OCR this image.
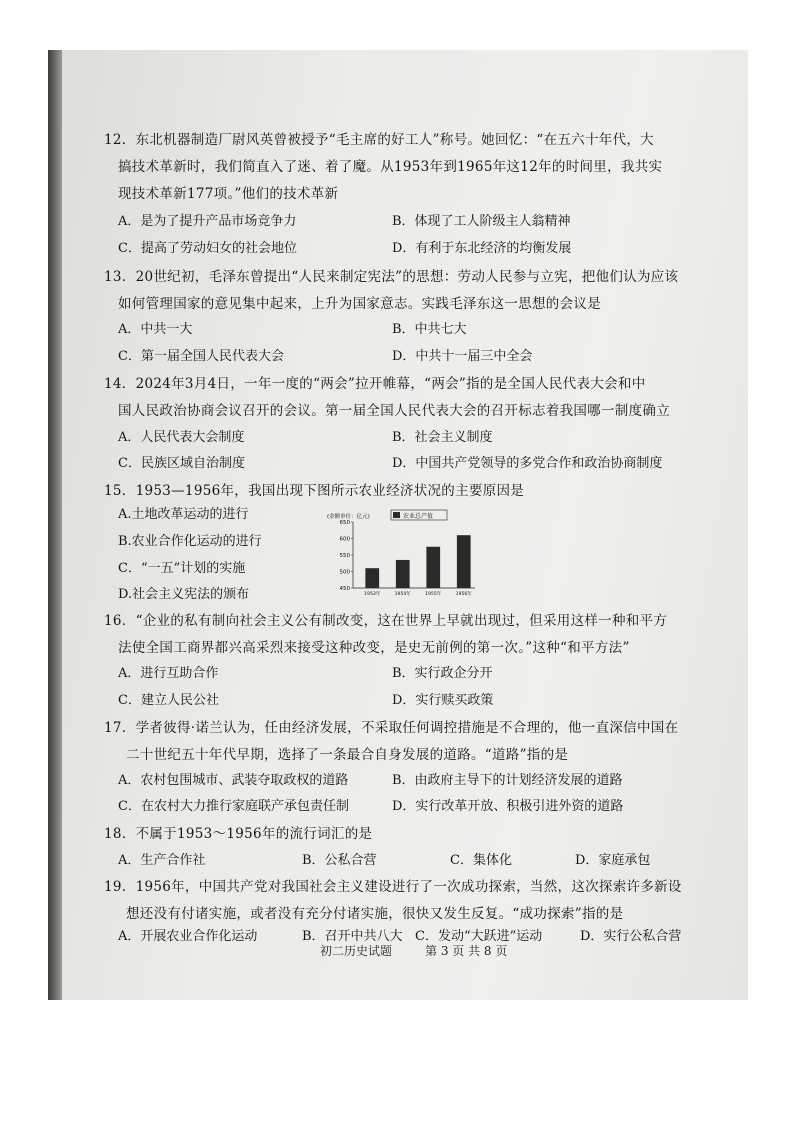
12．东北机器制造厂尉风英曾被授予“毛主席的好工人”称号。她回忆：“在五六十年代，大
搞技术革新时，我们简直入了迷、着了魔。从1953年到1965年这12年的时间里，我共实
现技术革新177项。”他们的技术革新
A．是为了提升产品市场竞争力	B．体现了工人阶级主人翁精神
C．提高了劳动妇女的社会地位	D．有利于东北经济的均衡发展
13．20世纪初，毛泽东曾提出“人民来制定宪法”的思想：劳动人民参与立宪，把他们认为应该
如何管理国家的意见集中起来，上升为国家意志。实践毛泽东这一思想的会议是
A．中共一大	B．中共七大
C．第一届全国人民代表大会	D．中共十一届三中全会
14．2024年3月4日，一年一度的“两会”拉开帷幕，“两会”指的是全国人民代表大会和中
国人民政治协商会议召开的会议。第一届全国人民代表大会的召开标志着我国哪一制度确立
A．人民代表大会制度	B．社会主义制度
C．民族区域自治制度	D．中国共产党领导的多党合作和政治协商制度
15．1953—1956年，我国出现下图所示农业经济状况的主要原因是
A.土地改革运动的进行
B.农业合作化运动的进行
C．“一五”计划的实施
D.社会主义宪法的颁布
(金额单位：亿元)	农业总产值
450
500
550
600
650
1953年	1954年	1955年	1956年
16．“企业的私有制向社会主义公有制改变，这在世界上早就出现过，但采用这样一种和平方
法使全国工商界都兴高采烈来接受这种改变，是史无前例的第一次。”这种“和平方法”
A．进行互助合作	B．实行政企分开
C．建立人民公社	D．实行赎买政策
17．学者彼得·诺兰认为，任由经济发展，不采取任何调控措施是不合理的，他一直深信中国在
二十世纪五十年代早期，选择了一条最合自身发展的道路。“道路”指的是
A．农村包围城市、武装夺取政权的道路	B．由政府主导下的计划经济发展的道路
C．在农村大力推行家庭联产承包责任制	D．实行改革开放、积极引进外资的道路
18．不属于1953～1956年的流行词汇的是
A．生产合作社	B．公私合营	C．集体化	D．家庭承包
19．1956年，中国共产党对我国社会主义建设进行了一次成功探索，当然，这次探索许多新设
想还没有付诸实施，或者没有充分付诸实施，很快又发生反复。“成功探索”指的是
A．开展农业合作化运动	B．召开中共八大 C．发动“大跃进”运动	D．实行公私合营
初二历史试题	第 3 页 共 8 页
